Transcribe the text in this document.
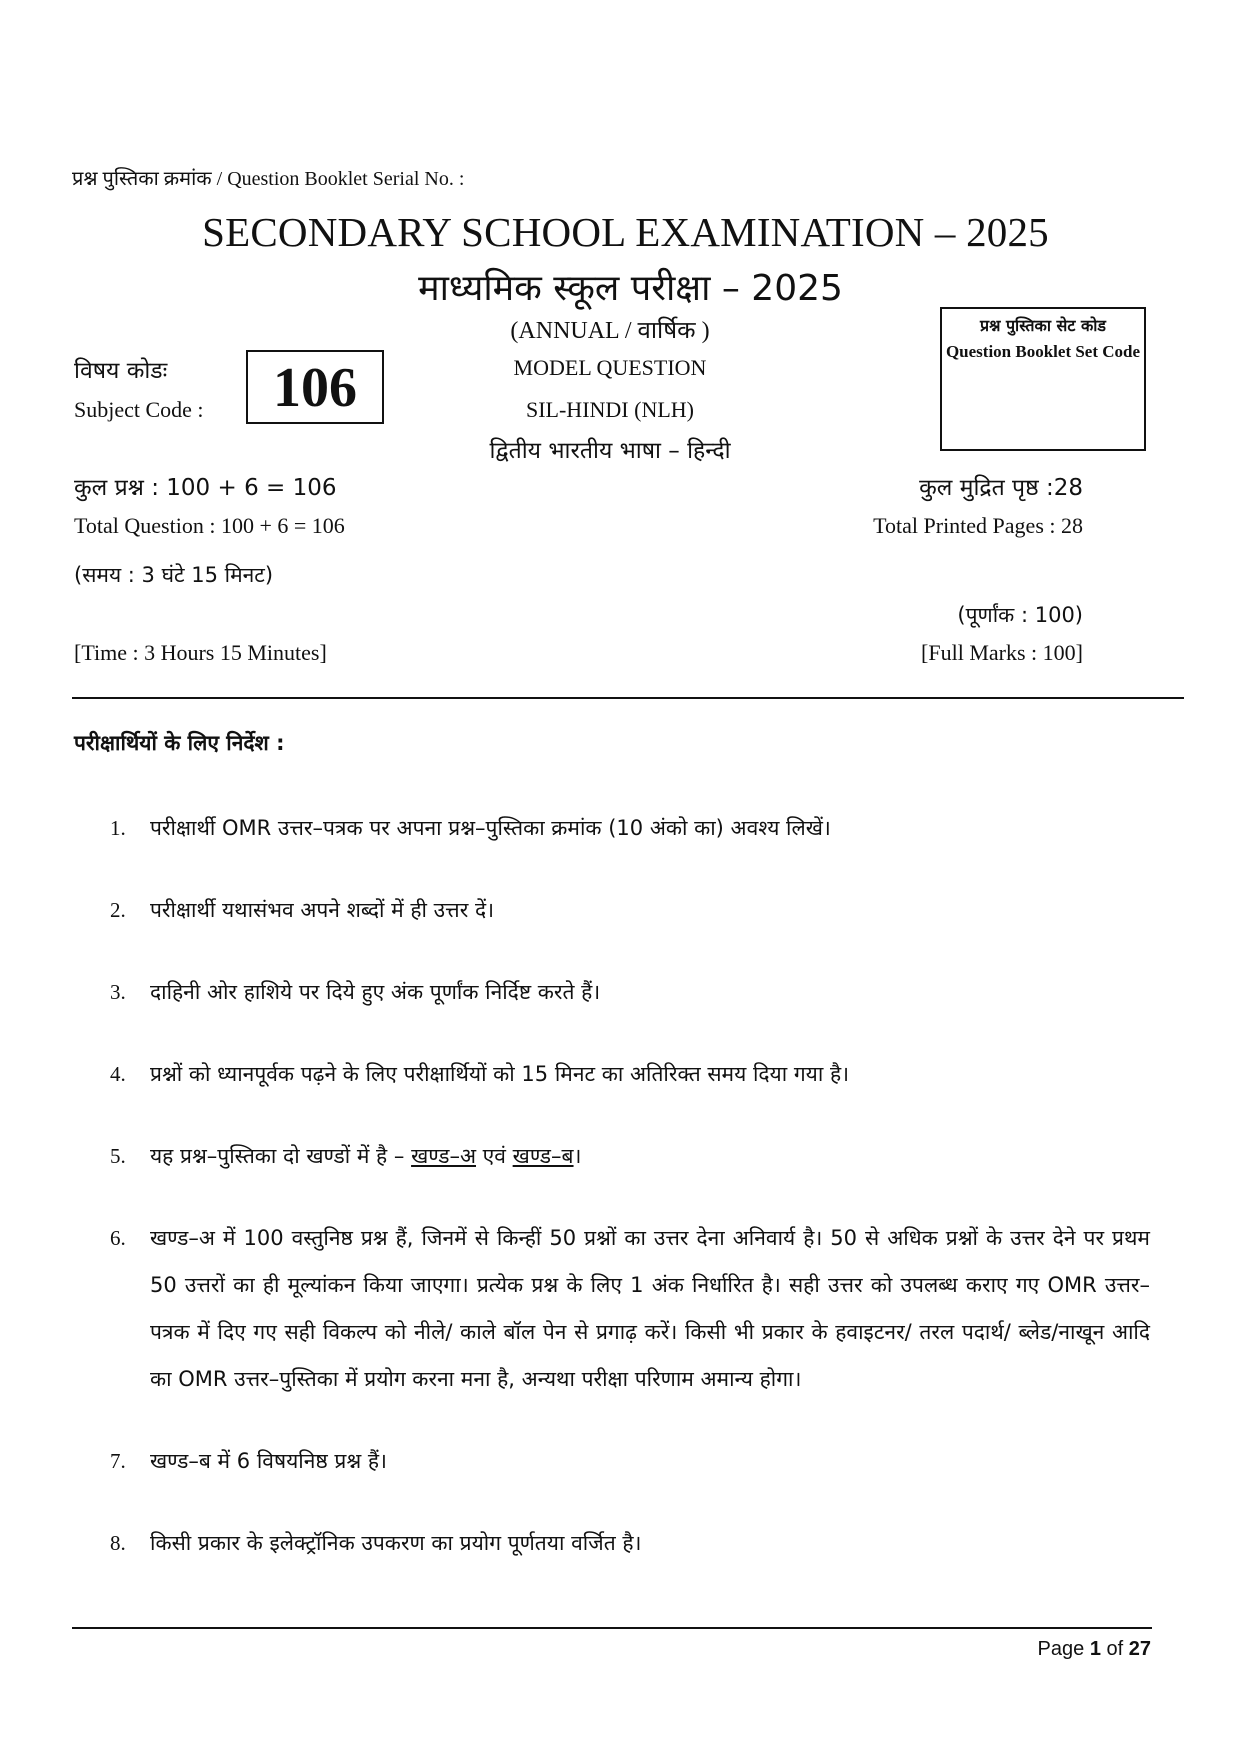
प्रश्न पुस्तिका क्रमांक / Question Booklet Serial No. :
SECONDARY SCHOOL EXAMINATION – 2025
माध्यमिक स्कूल परीक्षा – 2025
(ANNUAL / वार्षिक )
MODEL QUESTION
SIL-HINDI (NLH)
द्वितीय भारतीय भाषा – हिन्दी
विषय कोडः
Subject Code :	106
प्रश्न पुस्तिका सेट कोड
Question Booklet Set Code
कुल प्रश्न : 100 + 6 = 106	कुल मुद्रित पृष्ठ :28
Total Question : 100 + 6 = 106	Total Printed Pages : 28
(समय : 3 घंटे 15 मिनट)
(पूर्णांक : 100)
[Time : 3 Hours 15 Minutes]	[Full Marks : 100]
परीक्षार्थियों के लिए निर्देश :
1. परीक्षार्थी OMR उत्तर–पत्रक पर अपना प्रश्न–पुस्तिका क्रमांक (10 अंको का) अवश्य लिखें।
2. परीक्षार्थी यथासंभव अपने शब्दों में ही उत्तर दें।
3. दाहिनी ओर हाशिये पर दिये हुए अंक पूर्णांक निर्दिष्ट करते हैं।
4. प्रश्नों को ध्यानपूर्वक पढ़ने के लिए परीक्षार्थियों को 15 मिनट का अतिरिक्त समय दिया गया है।
5. यह प्रश्न–पुस्तिका दो खण्डों में है – खण्ड–अ एवं खण्ड–ब।
6. खण्ड–अ में 100 वस्तुनिष्ठ प्रश्न हैं, जिनमें से किन्हीं 50 प्रश्नों का उत्तर देना अनिवार्य है। 50 से अधिक प्रश्नों के उत्तर देने पर प्रथम 50 उत्तरों का ही मूल्यांकन किया जाएगा। प्रत्येक प्रश्न के लिए 1 अंक निर्धारित है। सही उत्तर को उपलब्ध कराए गए OMR उत्तर–पत्रक में दिए गए सही विकल्प को नीले/ काले बॉल पेन से प्रगाढ़ करें। किसी भी प्रकार के हवाइटनर/ तरल पदार्थ/ ब्लेड/नाखून आदि का OMR उत्तर–पुस्तिका में प्रयोग करना मना है, अन्यथा परीक्षा परिणाम अमान्य होगा।
7. खण्ड–ब में 6 विषयनिष्ठ प्रश्न हैं।
8. किसी प्रकार के इलेक्ट्रॉनिक उपकरण का प्रयोग पूर्णतया वर्जित है।
Page 1 of 27
